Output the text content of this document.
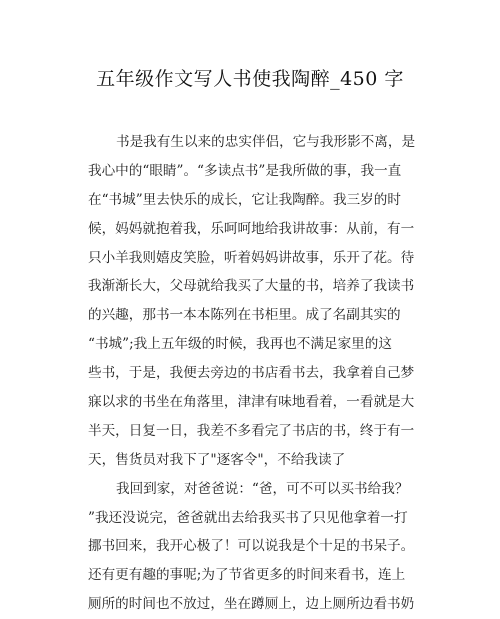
五年级作文写人书使我陶醉_450 字
书是我有生以来的忠实伴侣，它与我形影不离，是
我心中的“眼睛”。“多读点书”是我所做的事，我一直
在“书城”里去快乐的成长，它让我陶醉。我三岁的时
候，妈妈就抱着我，乐呵呵地给我讲故事：从前，有一
只小羊我则嬉皮笑脸，听着妈妈讲故事，乐开了花。待
我渐渐长大，父母就给我买了大量的书，培养了我读书
的兴趣，那书一本本陈列在书柜里。成了名副其实的
“书城”;我上五年级的时候，我再也不满足家里的这
些书，于是，我便去旁边的书店看书去，我拿着自己梦
寐以求的书坐在角落里，津津有味地看着，一看就是大
半天，日复一日，我差不多看完了书店的书，终于有一
天，售货员对我下了"逐客令"，不给我读了
我回到家，对爸爸说：“爸，可不可以买书给我？
”我还没说完，爸爸就出去给我买书了只见他拿着一打
挪书回来，我开心极了！可以说我是个十足的书呆子。
还有更有趣的事呢;为了节省更多的时间来看书，连上
厕所的时间也不放过，坐在蹲厕上，边上厕所边看书奶
